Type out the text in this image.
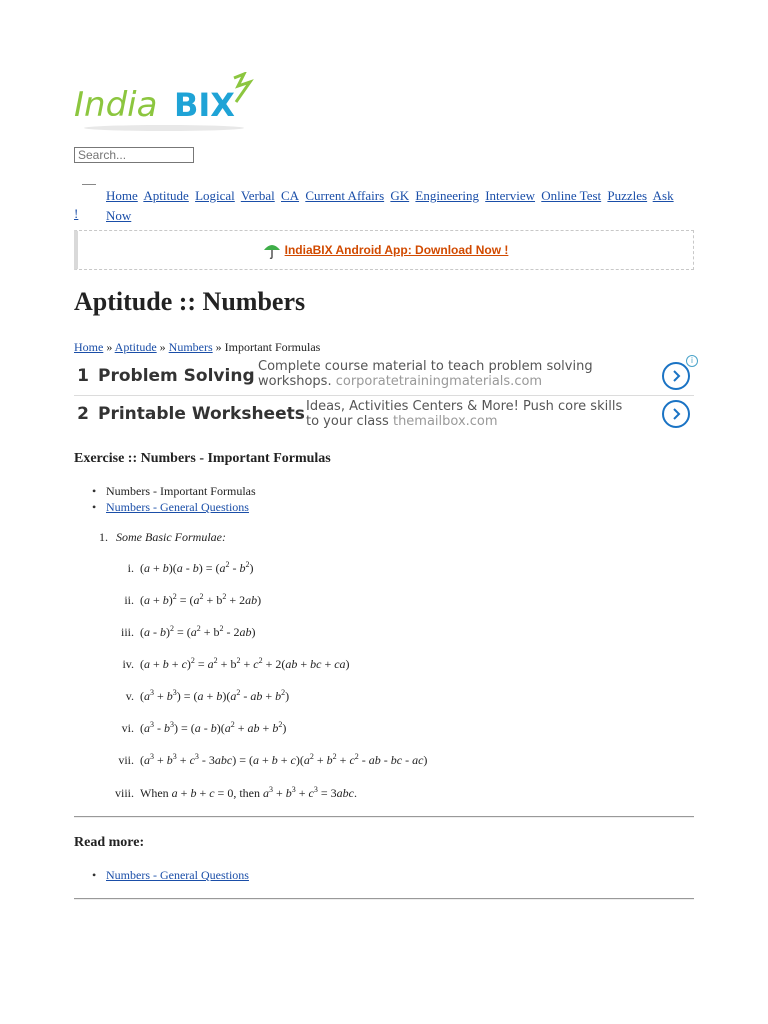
India BIX
Search...
Home Aptitude Logical Verbal CA Current Affairs GK Engineering Interview Online Test Puzzles Ask Now
!
IndiaBIX Android App: Download Now !
Aptitude :: Numbers
Home » Aptitude » Numbers » Important Formulas
i
1 Problem Solving Complete course material to teach problem solving workshops. corporatetrainingmaterials.com
2 Printable Worksheets Ideas, Activities Centers & More! Push core skills to your class themailbox.com
Exercise :: Numbers - Important Formulas
• Numbers - Important Formulas
• Numbers - General Questions
1. Some Basic Formulae:
i. $(a + b)(a - b) = (a^2 - b^2)$
ii. $(a + b)^2 = (a^2 + b^2 + 2ab)$
iii. $(a - b)^2 = (a^2 + b^2 - 2ab)$
iv. $(a + b + c)^2 = a^2 + b^2 + c^2 + 2(ab$ + bc + ca)
v. $(a^3 + b^3) = (a + b)(a^2$ - ab + $b^2$)
vi. $(a^3 - b^3) = (a - b)(a^2$ + ab + $b^2$)
vii. $(a^3 + b^3 + c^3 - 3abc) = (a + b + c)(a^2 + b^2 + c^2$ - ab - bc - ac)
viii. When a + b + c = 0, then $a^3 + b^3 + c^3 = 3abc$.
Read more:
• Numbers - General Questions
